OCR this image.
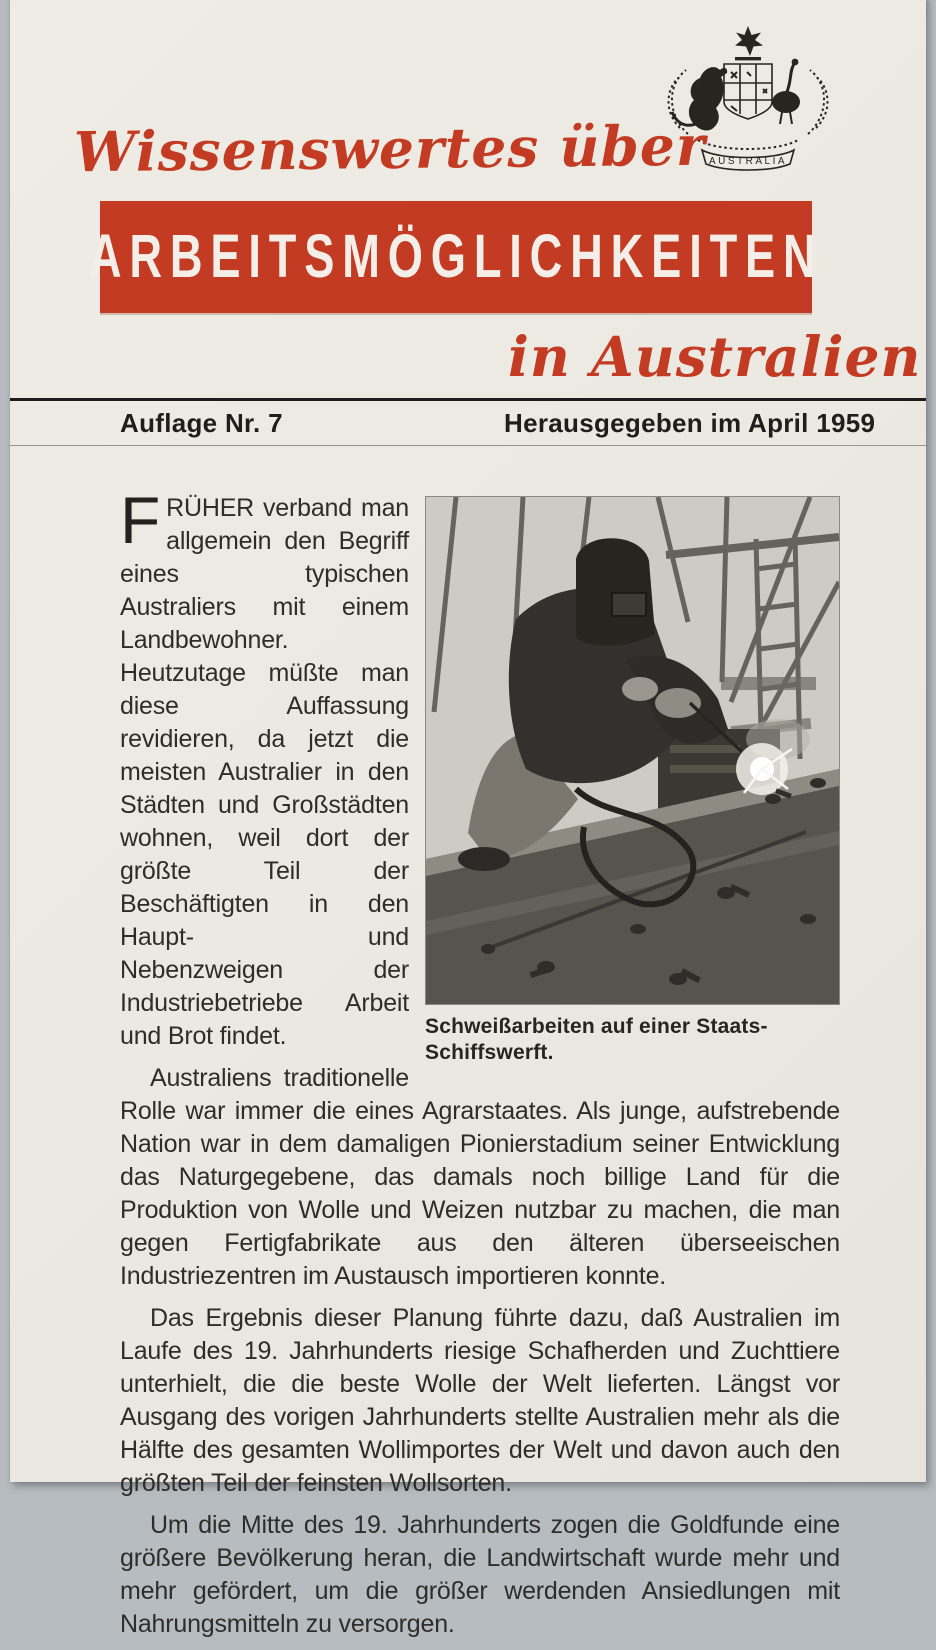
AUSTRALIA
Wissenswertes über
ARBEITSMÖGLICHKEITEN
in Australien
Auflage Nr. 7	Herausgegeben im April 1959
Schweißarbeiten auf einer Staats-Schiffswerft.

FRÜHER verband man allgemein den Begriff eines typischen Australiers mit einem Landbewohner. Heutzutage müßte man diese Auffassung revidieren, da jetzt die meisten Australier in den Städten und Großstädten wohnen, weil dort der größte Teil der Beschäftigten in den Haupt- und Nebenzweigen der Industriebetriebe Arbeit und Brot findet.

Australiens traditionelle Rolle war immer die eines Agrarstaates. Als junge, aufstrebende Nation war in dem damaligen Pionierstadium seiner Entwicklung das Naturgegebene, das damals noch billige Land für die Produktion von Wolle und Weizen nutzbar zu machen, die man gegen Fertigfabrikate aus den älteren überseeischen Industriezentren im Austausch importieren konnte.

Das Ergebnis dieser Planung führte dazu, daß Australien im Laufe des 19. Jahrhunderts riesige Schafherden und Zuchttiere unterhielt, die die beste Wolle der Welt lieferten. Längst vor Ausgang des vorigen Jahrhunderts stellte Australien mehr als die Hälfte des gesamten Wollimportes der Welt und davon auch den größten Teil der feinsten Wollsorten.

Um die Mitte des 19. Jahrhunderts zogen die Goldfunde eine größere Bevölkerung heran, die Landwirtschaft wurde mehr und mehr gefördert, um die größer werdenden Ansiedlungen mit Nahrungsmitteln zu versorgen.
